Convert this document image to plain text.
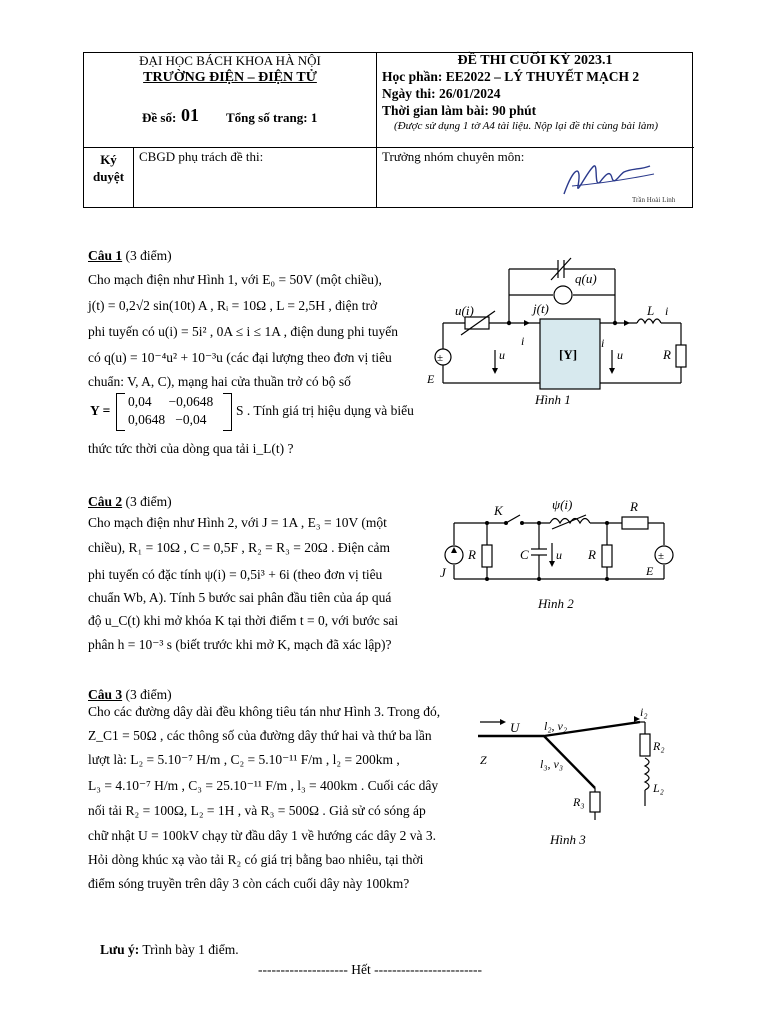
ĐẠI HỌC BÁCH KHOA HÀ NỘI
TRƯỜNG ĐIỆN – ĐIỆN TỬ
Đề số: 01 Tổng số trang: 1
ĐỀ THI CUỐI KỲ 2023.1
Học phần: EE2022 – LÝ THUYẾT MẠCH 2
Ngày thi: 26/01/2024
Thời gian làm bài: 90 phút
(Được sử dụng 1 tờ A4 tài liệu. Nộp lại đề thi cùng bài làm)
Ký duyệt
CBGD phụ trách đề thi:	Trưởng nhóm chuyên môn:
Trần Hoài Linh
Câu 1 (3 điểm)
Cho mạch điện như Hình 1, với E₀ = 50V (một chiều),
j(t) = 0,2√2 sin(10t) A , Rᵢ = 10Ω , L = 2,5H , điện trở
phi tuyến có u(i) = 5i² , 0A ≤ i ≤ 1A , điện dung phi tuyến
có q(u) = 10⁻⁴u² + 10⁻³u (các đại lượng theo đơn vị tiêu
chuẩn: V, A, C), mạng hai cửa thuần trở có bộ số
Y =
0,04     −0,0648
0,0648   −0,04
S . Tính giá trị hiệu dụng và biểu
thức tức thời của dòng qua tải i_L(t) ?
±
u(i)	j(t)
q(u)
E
u
i
[Y]
i
u
L i
R
Hình 1
Câu 2 (3 điểm)
Cho mạch điện như Hình 2, với J = 1A , E₃ = 10V (một
chiều), R₁ = 10Ω , C = 0,5F , R₂ = R₃ = 20Ω . Điện cảm
phi tuyến có đặc tính ψ(i) = 0,5i³ + 6i (theo đơn vị tiêu
chuẩn Wb, A). Tính 5 bước sai phân đầu tiên của áp quá
độ u_C(t) khi mở khóa K tại thời điểm t = 0, với bước sai
phân h = 10⁻³ s (biết trước khi mở K, mạch đã xác lập)?
±
K	ψ(i)	R
R	C u R
J	E
Hình 2
Câu 3 (3 điểm)
Cho các đường dây dài đều không tiêu tán như Hình 3. Trong đó,
Z_C1 = 50Ω , các thông số của đường dây thứ hai và thứ ba lần
lượt là: L₂ = 5.10⁻⁷ H/m , C₂ = 5.10⁻¹¹ F/m , l₂ = 200km ,
L₃ = 4.10⁻⁷ H/m , C₃ = 25.10⁻¹¹ F/m , l₃ = 400km . Cuối các dây
nối tải R₂ = 100Ω, L₂ = 1H , và R₃ = 500Ω . Giả sử có sóng áp
chữ nhật U = 100kV chạy từ đầu dây 1 về hướng các dây 2 và 3.
Hỏi dòng khúc xạ vào tải R₂ có giá trị bằng bao nhiêu, tại thời
điểm sóng truyền trên dây 3 còn cách cuối dây này 100km?
U
Z
l₂, v₂
l₃, v₃
i₂
R₂
L₂
R₃
Hình 3
Lưu ý: Trình bày 1 điểm.
-------------------- Hết ------------------------
